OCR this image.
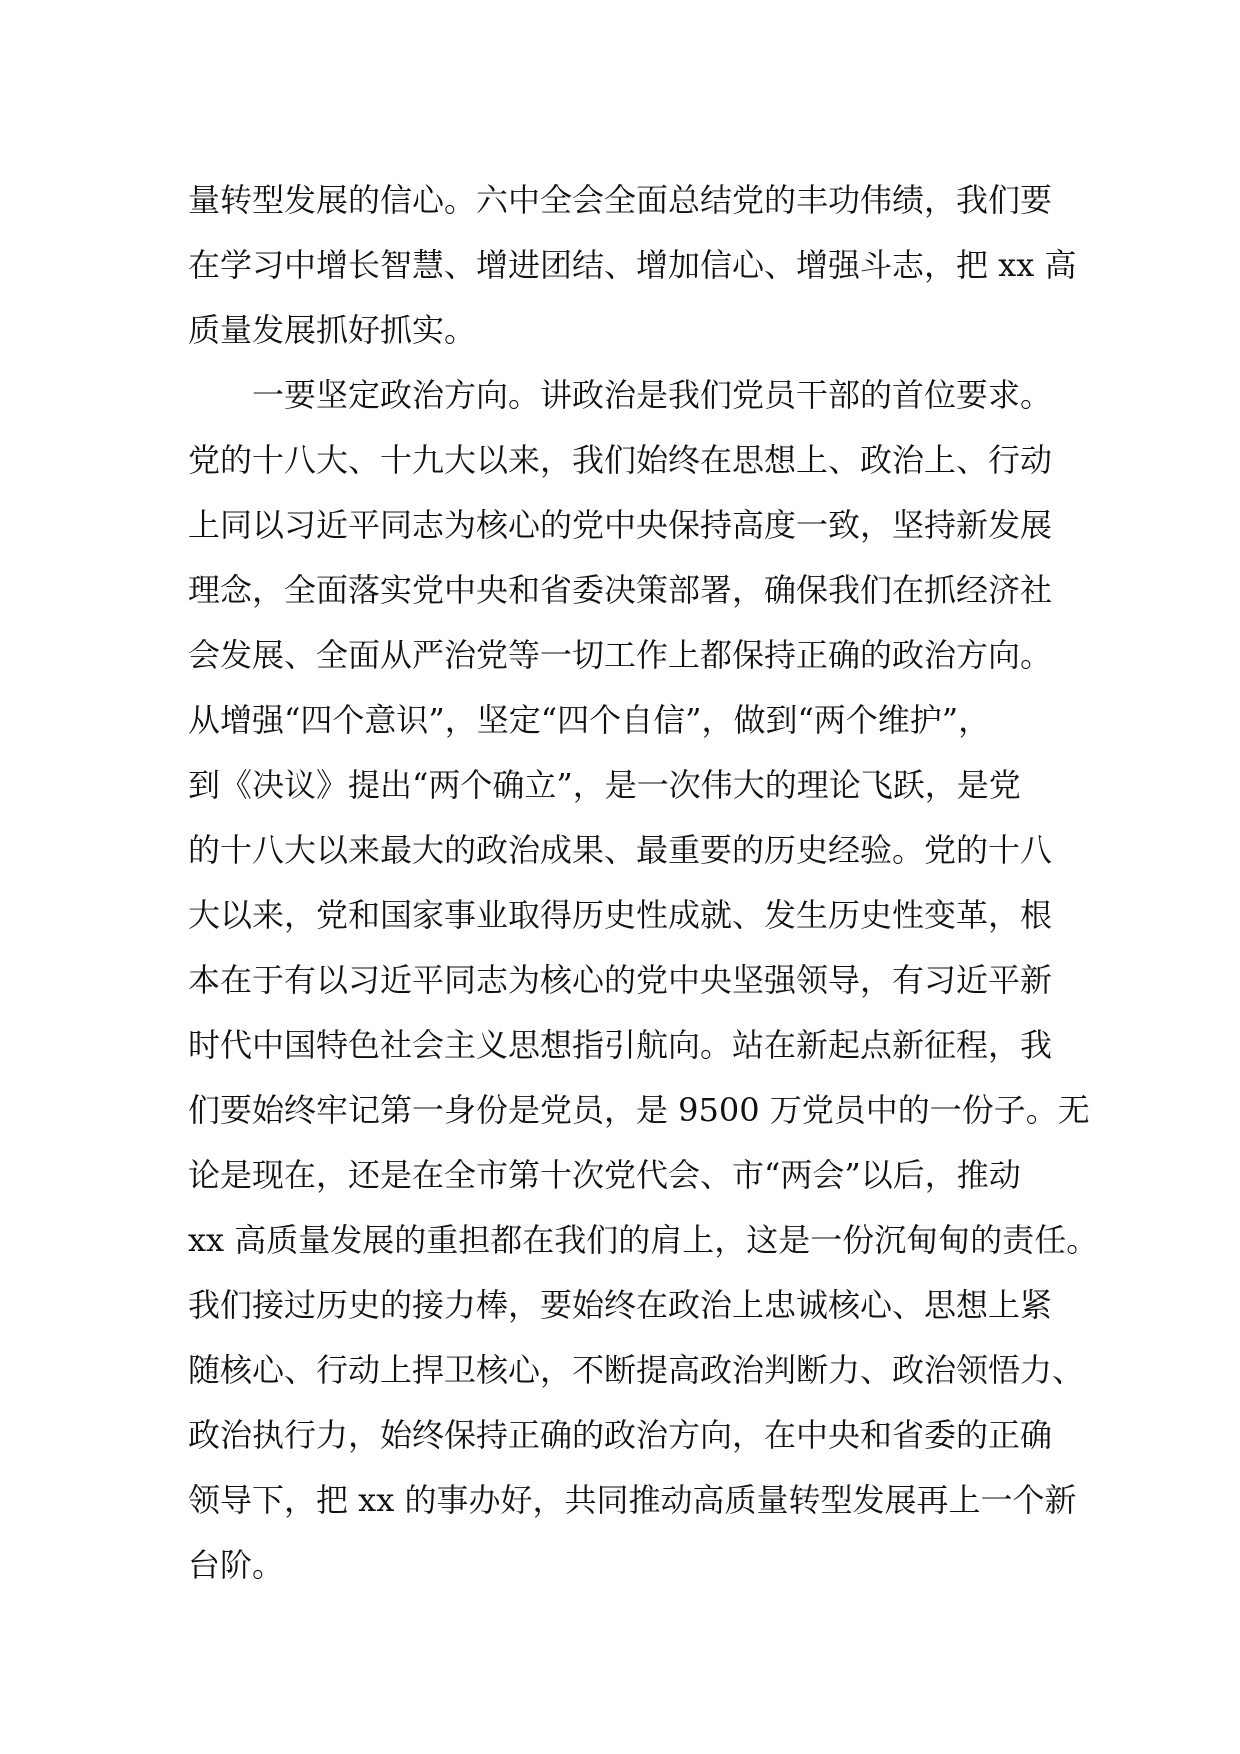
量转型发展的信心。六中全会全面总结党的丰功伟绩，我们要

在学习中增长智慧、增进团结、增加信心、增强斗志，把 xx 高

质量发展抓好抓实。

　　一要坚定政治方向。讲政治是我们党员干部的首位要求。

党的十八大、十九大以来，我们始终在思想上、政治上、行动

上同以习近平同志为核心的党中央保持高度一致，坚持新发展

理念，全面落实党中央和省委决策部署，确保我们在抓经济社

会发展、全面从严治党等一切工作上都保持正确的政治方向。

从增强“四个意识”，坚定“四个自信”，做到“两个维护”，

到《决议》提出“两个确立”，是一次伟大的理论飞跃，是党

的十八大以来最大的政治成果、最重要的历史经验。党的十八

大以来，党和国家事业取得历史性成就、发生历史性变革，根

本在于有以习近平同志为核心的党中央坚强领导，有习近平新

时代中国特色社会主义思想指引航向。站在新起点新征程，我

们要始终牢记第一身份是党员，是 9500 万党员中的一份子。无

论是现在，还是在全市第十次党代会、市“两会”以后，推动

xx 高质量发展的重担都在我们的肩上，这是一份沉甸甸的责任。

我们接过历史的接力棒，要始终在政治上忠诚核心、思想上紧

随核心、行动上捍卫核心，不断提高政治判断力、政治领悟力、

政治执行力，始终保持正确的政治方向，在中央和省委的正确

领导下，把 xx 的事办好，共同推动高质量转型发展再上一个新

台阶。
